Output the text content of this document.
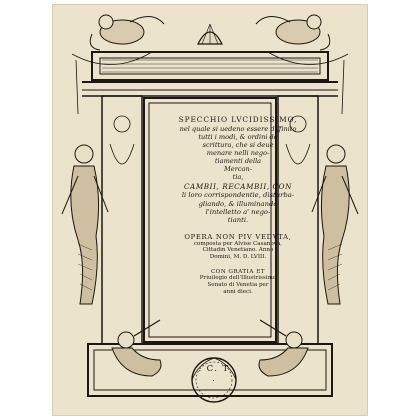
SPECCHIO LVCIDISSIMO,

nel quale si uedeno essere diffinito
tutti i modi, & ordini de
scrittura, che si deue
menare nelli nego-
tiamenti della
Mercan-
tia,

CAMBII, RECAMBII, CON

li loro corrispondentie, disturba-
gliando, & illuminando
l'intelletto a' nego-
tianti.

OPERA NON PIV VEDVTA,

composta per Alvise Casanova,
Cittadin Venetiano. Anno
Domini, M. D. LVIII.

CON GRATIA ET

Priuilegio dell'Illustrissimo
Senato di Venetia per
anni dieci.

. C. T .
